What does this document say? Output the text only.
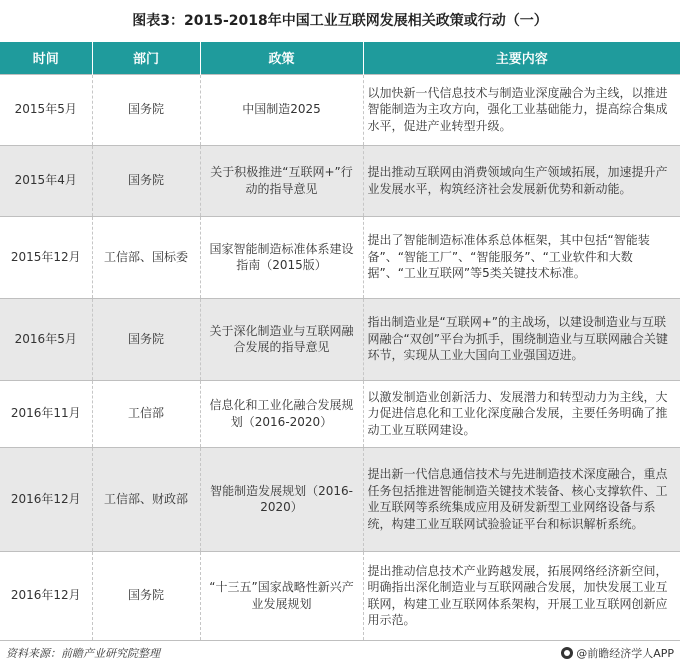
图表3：2015-2018年中国工业互联网发展相关政策或行动（一）
时间	部门	政策	主要内容
2015年5月	国务院	中国制造2025	以加快新一代信息技术与制造业深度融合为主线，以推进智能制造为主攻方向，强化工业基础能力，提高综合集成水平，促进产业转型升级。
2015年4月	国务院	关于积极推进“互联网+”行动的指导意见	提出推动互联网由消费领域向生产领域拓展，加速提升产业发展水平，构筑经济社会发展新优势和新动能。
2015年12月	工信部、国标委	国家智能制造标准体系建设指南（2015版）	提出了智能制造标准体系总体框架，其中包括“智能装备”、“智能工厂”、“智能服务”、“工业软件和大数据”、“工业互联网”等5类关键技术标准。
2016年5月	国务院	关于深化制造业与互联网融合发展的指导意见	指出制造业是“互联网+”的主战场，以建设制造业与互联网融合“双创”平台为抓手，围绕制造业与互联网融合关键环节，实现从工业大国向工业强国迈进。
2016年11月	工信部	信息化和工业化融合发展规划（2016-2020）	以激发制造业创新活力、发展潜力和转型动力为主线，大力促进信息化和工业化深度融合发展，主要任务明确了推动工业互联网建设。
2016年12月	工信部、财政部	智能制造发展规划（2016-2020）	提出新一代信息通信技术与先进制造技术深度融合，重点任务包括推进智能制造关键技术装备、核心支撑软件、工业互联网等系统集成应用及研发新型工业网络设备与系统，构建工业互联网试验验证平台和标识解析系统。
2016年12月	国务院	“十三五”国家战略性新兴产业发展规划	提出推动信息技术产业跨越发展，拓展网络经济新空间，明确指出深化制造业与互联网融合发展，加快发展工业互联网，构建工业互联网体系架构，开展工业互联网创新应用示范。
资料来源：前瞻产业研究院整理	@前瞻经济学人APP
